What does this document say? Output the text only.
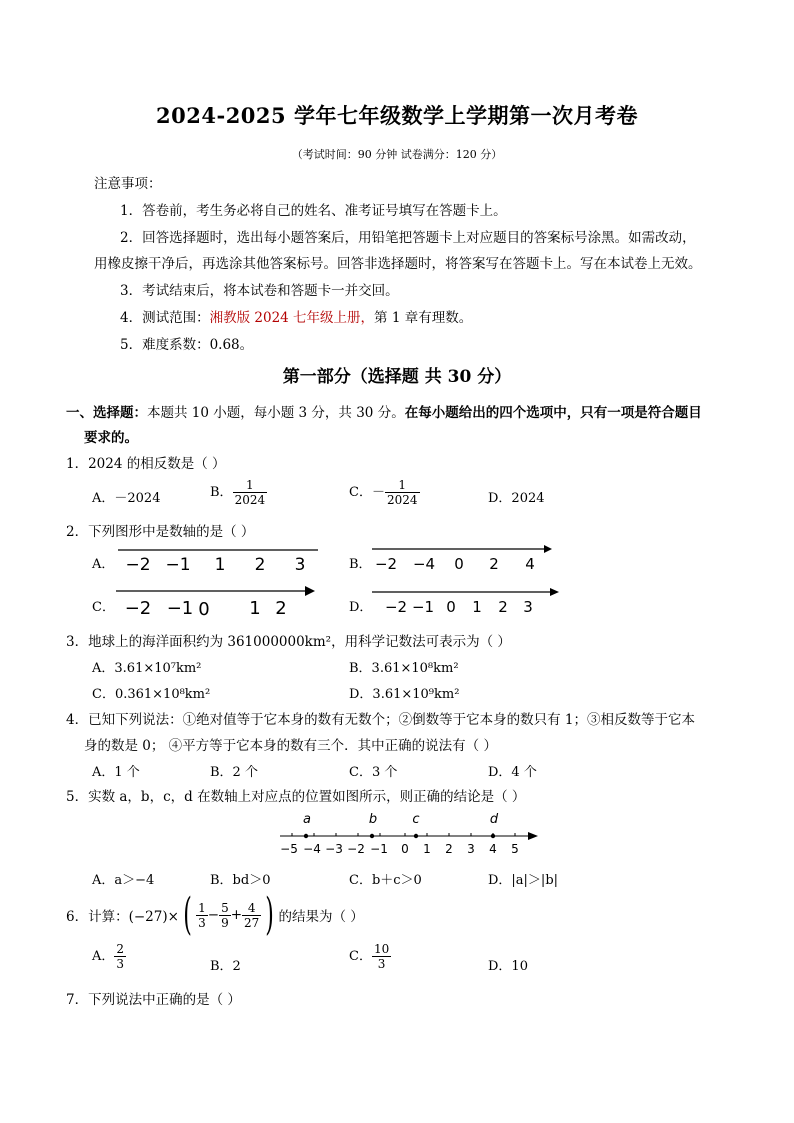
2024-2025 学年七年级数学上学期第一次月考卷
（考试时间：90 分钟 试卷满分：120 分）
注意事项：
1．答卷前，考生务必将自己的姓名、准考证号填写在答题卡上。
2．回答选择题时，选出每小题答案后，用铅笔把答题卡上对应题目的答案标号涂黑。如需改动，
用橡皮擦干净后，再选涂其他答案标号。回答非选择题时，将答案写在答题卡上。写在本试卷上无效。
3．考试结束后，将本试卷和答题卡一并交回。
4．测试范围：湘教版 2024 七年级上册，第 1 章有理数。
5．难度系数：0.68。
第一部分（选择题 共 30 分）
一、选择题：本题共 10 小题，每小题 3 分，共 30 分。在每小题给出的四个选项中，只有一项是符合题目
要求的。
1．2024 的相反数是（ ）
A．－2024	B． $\frac{1}{2024}$	C．－ $\frac{1}{2024}$	D．2024
2．下列图形中是数轴的是（ ）
A． −2 −1 1 2 3	B． −2 −4 0 2 4
C． −2 −1 0 1 2	D． −2 −1 0 1 2 3
3．地球上的海洋面积约为 361000000km²，用科学记数法可表示为（ ）
A．3.61×10⁷km²	B．3.61×10⁸km²
C．0.361×10⁸km²	D．3.61×10⁹km²
4．已知下列说法：①绝对值等于它本身的数有无数个；②倒数等于它本身的数只有 1；③相反数等于它本
身的数是 0； ④平方等于它本身的数有三个．其中正确的说法有（ ）
A．1 个	B．2 个	C．3 个	D．4 个
5．实数 a，b，c，d 在数轴上对应点的位置如图所示，则正确的结论是（ ）
a	b	c	d
−5 −4 −3 −2 −1 0 1 2 3 4 5
A．a＞−4	B．bd＞0	C．b＋c＞0	D．|a|＞|b|
6．计算：(−27)× ( $\frac{1}{3} - \frac{5}{9} + \frac{4}{27}$ ) 的结果为（ ）
A． $\frac{2}{3}$	B．2
C． $\frac{10}{3}$	D．10
7．下列说法中正确的是（ ）
